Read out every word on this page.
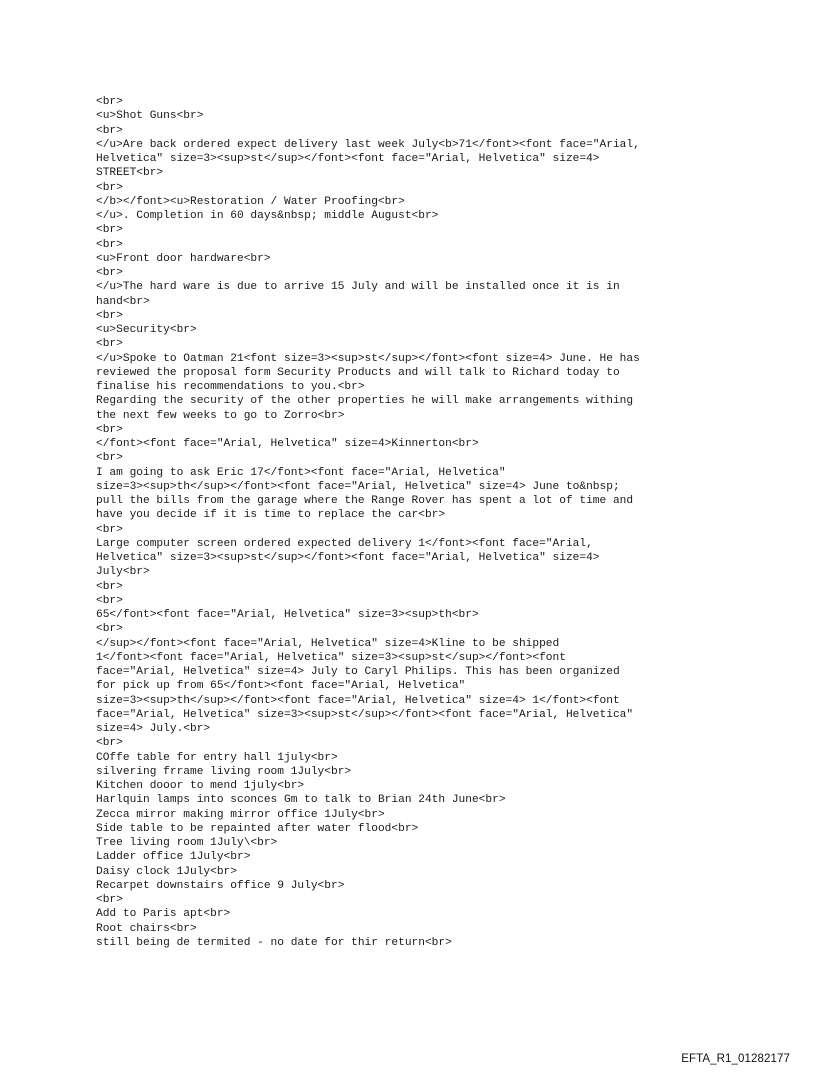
<br>
<u>Shot Guns<br>
<br>
</u>Are back ordered expect delivery last week July<b>71</font><font face="Arial,
Helvetica" size=3><sup>st</sup></font><font face="Arial, Helvetica" size=4>
STREET<br>
<br>
</b></font><u>Restoration / Water Proofing<br>
</u>. Completion in 60 days&nbsp; middle August<br>
<br>
<br>
<u>Front door hardware<br>
<br>
</u>The hard ware is due to arrive 15 July and will be installed once it is in
hand<br>
<br>
<u>Security<br>
<br>
</u>Spoke to Oatman 21<font size=3><sup>st</sup></font><font size=4> June. He has
reviewed the proposal form Security Products and will talk to Richard today to
finalise his recommendations to you.<br>
Regarding the security of the other properties he will make arrangements withing
the next few weeks to go to Zorro<br>
<br>
</font><font face="Arial, Helvetica" size=4>Kinnerton<br>
<br>
I am going to ask Eric 17</font><font face="Arial, Helvetica"
size=3><sup>th</sup></font><font face="Arial, Helvetica" size=4> June to&nbsp;
pull the bills from the garage where the Range Rover has spent a lot of time and
have you decide if it is time to replace the car<br>
<br>
Large computer screen ordered expected delivery 1</font><font face="Arial,
Helvetica" size=3><sup>st</sup></font><font face="Arial, Helvetica" size=4>
July<br>
<br>
<br>
65</font><font face="Arial, Helvetica" size=3><sup>th<br>
<br>
</sup></font><font face="Arial, Helvetica" size=4>Kline to be shipped
1</font><font face="Arial, Helvetica" size=3><sup>st</sup></font><font
face="Arial, Helvetica" size=4> July to Caryl Philips. This has been organized
for pick up from 65</font><font face="Arial, Helvetica"
size=3><sup>th</sup></font><font face="Arial, Helvetica" size=4> 1</font><font
face="Arial, Helvetica" size=3><sup>st</sup></font><font face="Arial, Helvetica"
size=4> July.<br>
<br>
COffe table for entry hall 1july<br>
silvering frrame living room 1July<br>
Kitchen dooor to mend 1july<br>
Harlquin lamps into sconces Gm to talk to Brian 24th June<br>
Zecca mirror making mirror office 1July<br>
Side table to be repainted after water flood<br>
Tree living room 1July\<br>
Ladder office 1July<br>
Daisy clock 1July<br>
Recarpet downstairs office 9 July<br>
<br>
Add to Paris apt<br>
Root chairs<br>
still being de termited - no date for thir return<br>
EFTA_R1_01282177
